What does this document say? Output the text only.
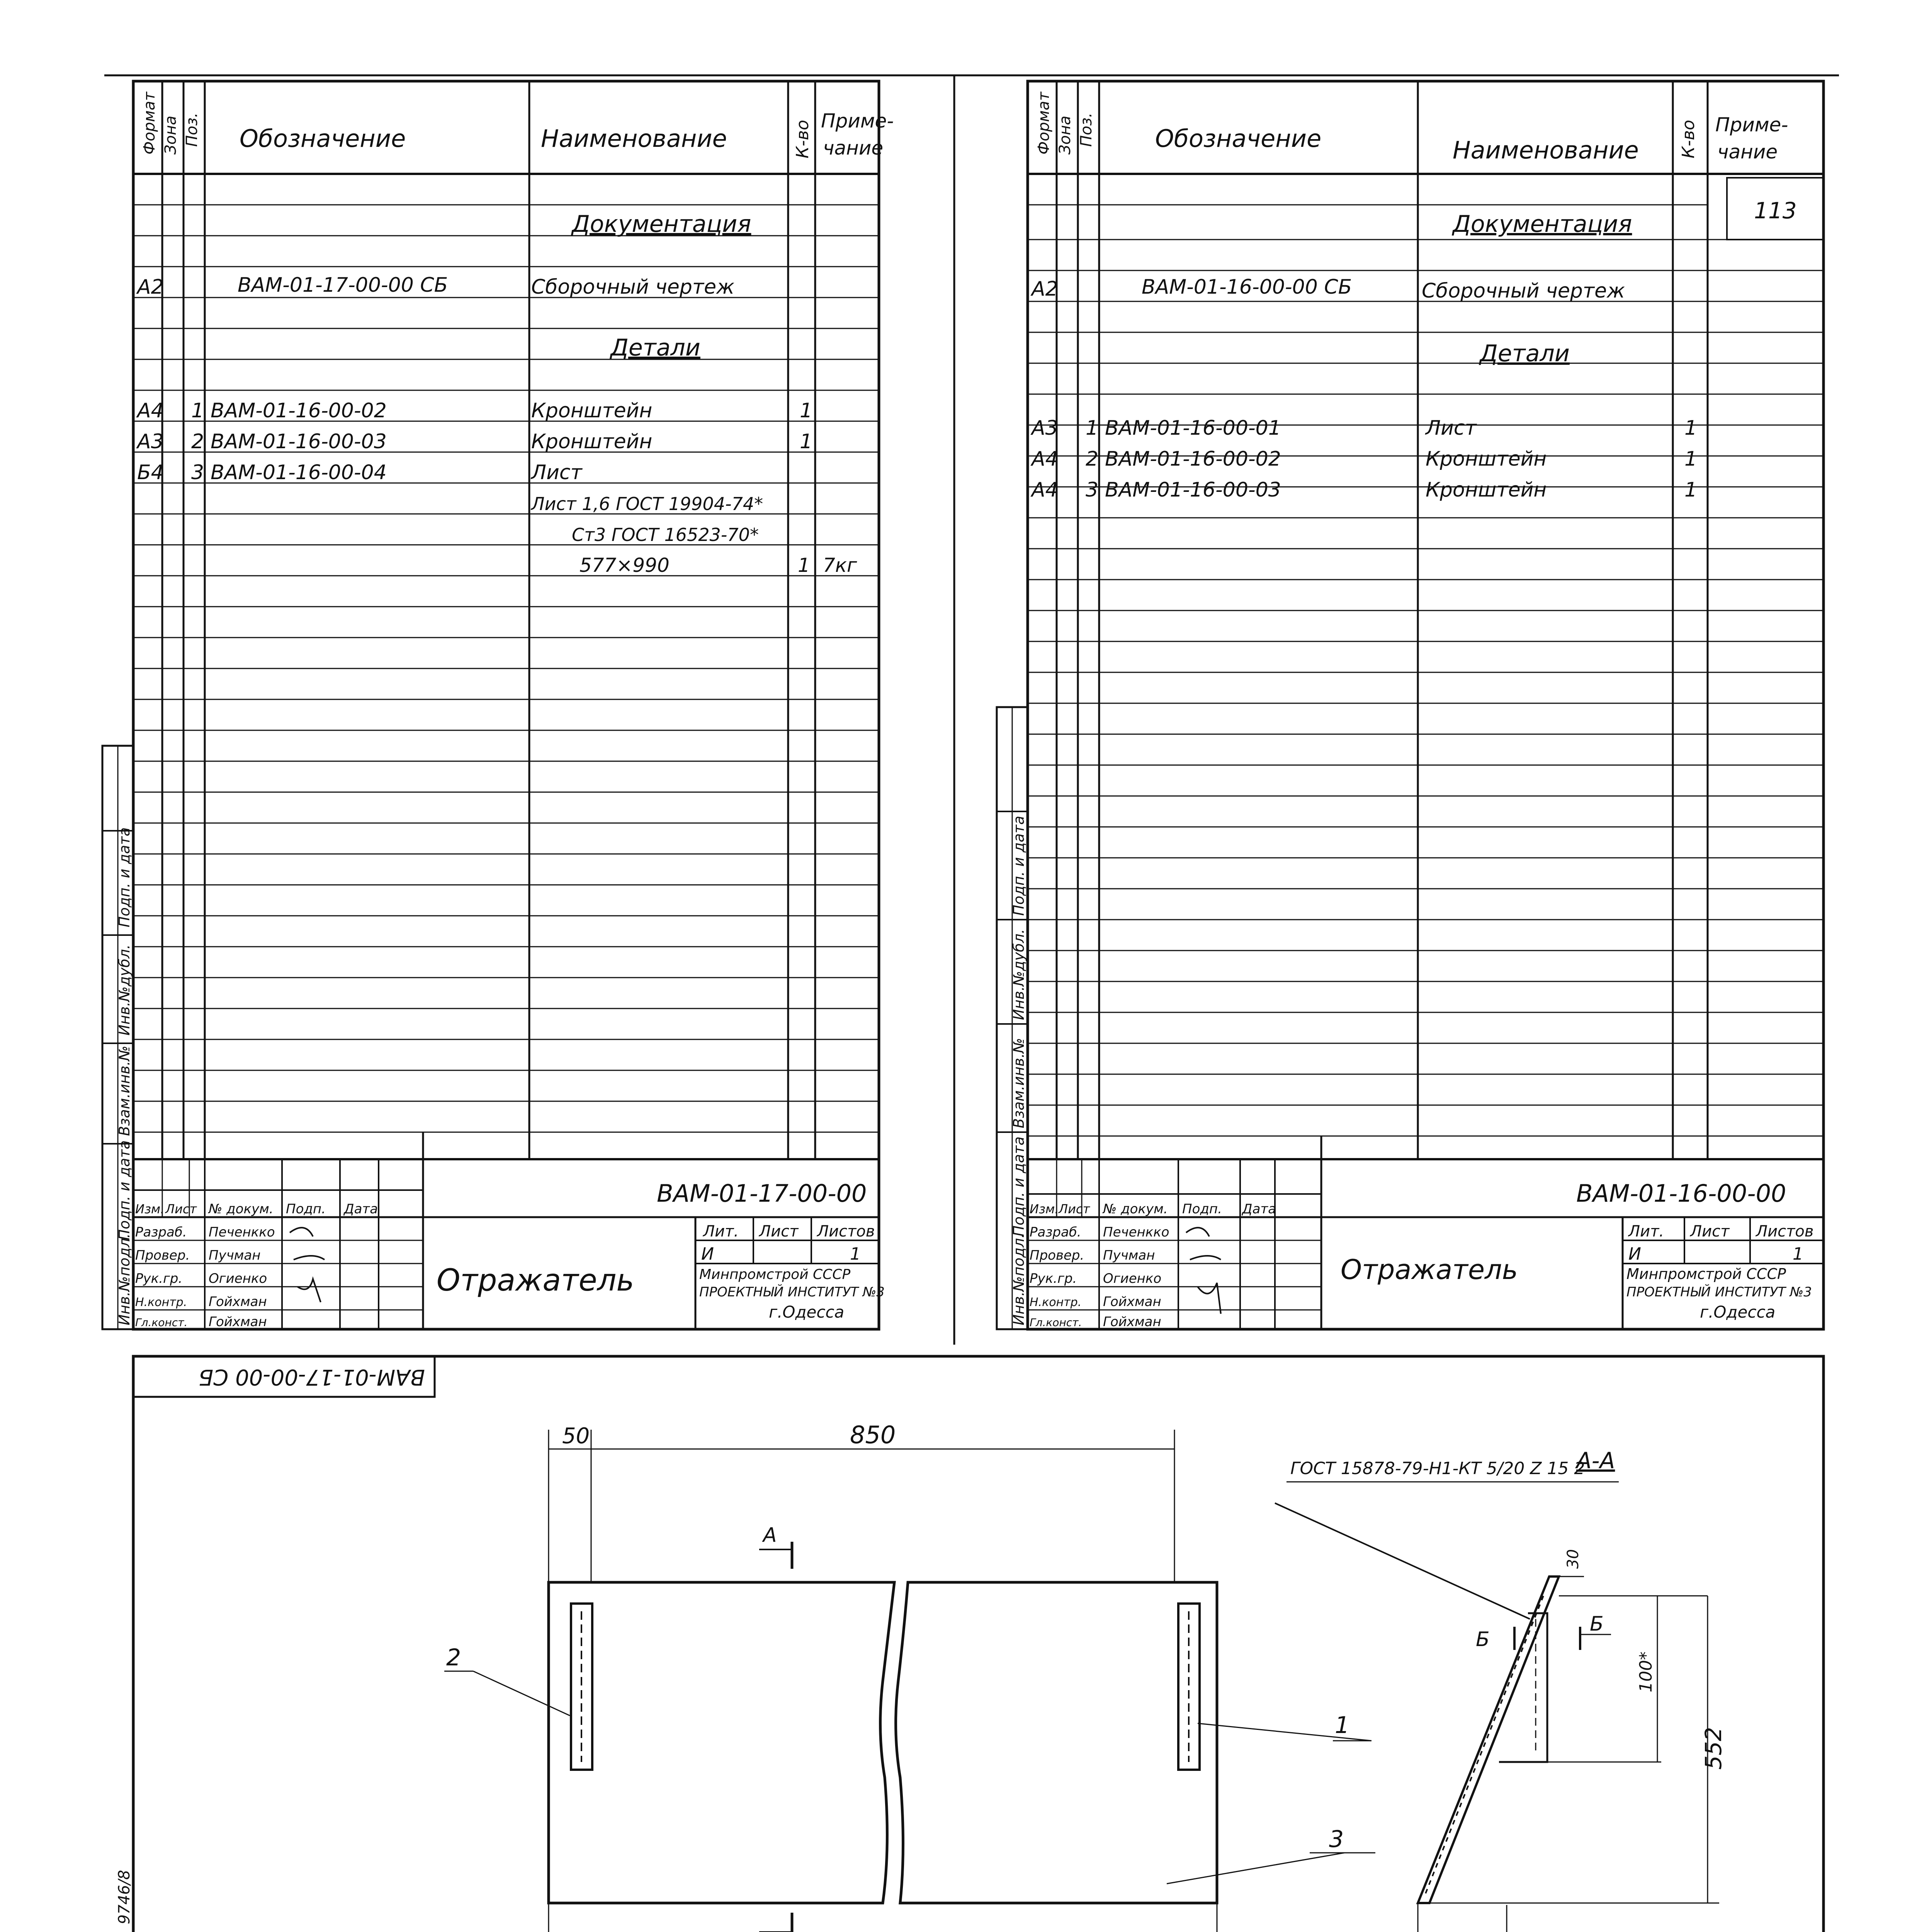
Формат Зона Поз. Обозначение	Наименование	К-во Приме-
чание
Документация
Детали
А2	ВАМ-01-17-00-00 СБ	Сборочный чертеж
А4 1 ВАМ-01-16-00-02	Кронштейн	1
А3 2 ВАМ-01-16-00-03	Кронштейн	1
Б4 3 ВАМ-01-16-00-04	Лист
Лист 1,6 ГОСТ 19904-74*
Ст3 ГОСТ 16523-70*
577×990	1 7кг
Изм. Лист № докум. Подп. Дата
Разраб. Печенкко
Провер. Пучман
Рук.гр. Огиенко
Н.контр. Гойхман
Гл.конст. Гойхман
ВАМ-01-17-00-00
Отражатель
Лит. Лист Листов
И	1
Минпромстрой СССР
ПРОЕКТНЫЙ ИНСТИТУТ №3
г.Одесса
Инв.№подл.
Подп. и дата
Взам.инв.№
Инв.№дубл.
Подп. и дата
113
Формат Зона Поз.	Обозначение	Наименование К-во Приме-
чание
Документация
Детали
А2	ВАМ-01-16-00-00 СБ	Сборочный чертеж
А3 1 ВАМ-01-16-00-01	Лист	1
А4 2 ВАМ-01-16-00-02	Кронштейн	1
А4 3 ВАМ-01-16-00-03	Кронштейн	1
Изм. Лист № докум. Подп. Дата
Разраб. Печенкко
Провер. Пучман
Рук.гр. Огиенко
Н.контр. Гойхман
Гл.конст. Гойхман
ВАМ-01-16-00-00
Отражатель
Лит. Лист Листов
И	1
Минпромстрой СССР
ПРОЕКТНЫЙ ИНСТИТУТ №3
г.Одесса
Инв.№подл.
Подп. и дата
Взам.инв.№
Инв.№дубл.
Подп. и дата
ВАМ-01-17-00-00 СБ
50	850
А
2
1
3
А-А
ГОСТ 15878-79-Н1-КТ 5/20 Z 15 2
Б
Б
100*
30
552
9746/8
